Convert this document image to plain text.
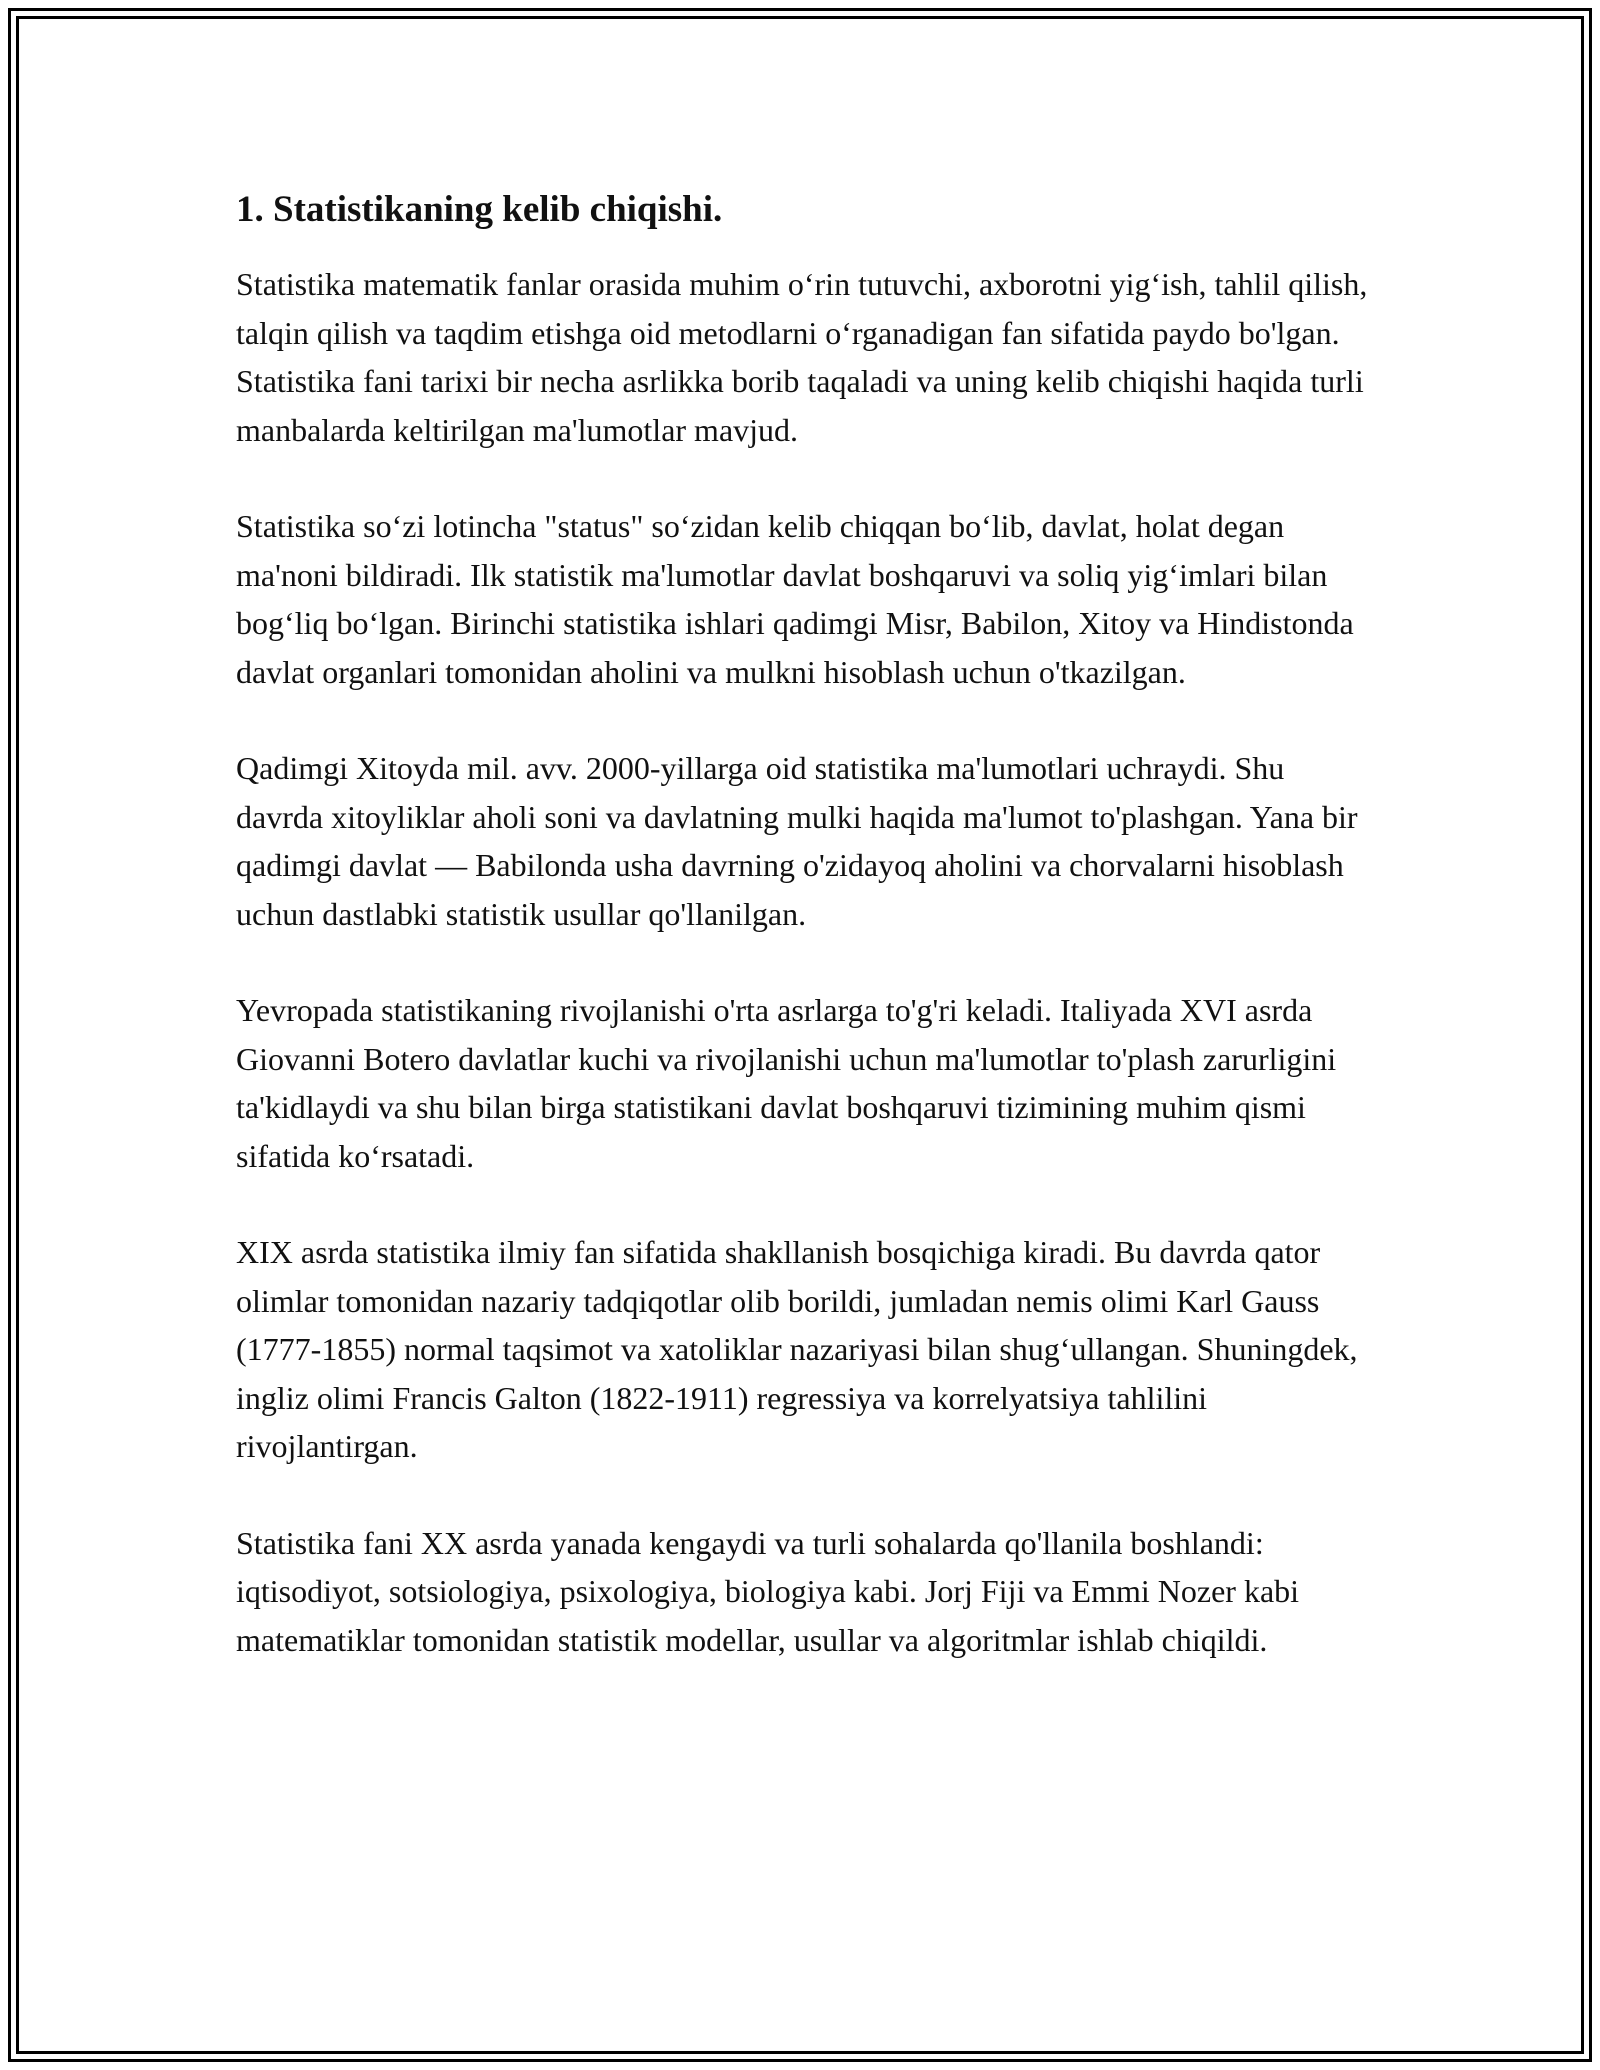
1. Statistikaning kelib chiqishi.

Statistika matematik fanlar orasida muhim o‘rin tutuvchi, axborotni yig‘ish, tahlil qilish, talqin qilish va taqdim etishga oid metodlarni o‘rganadigan fan sifatida paydo bo'lgan. Statistika fani tarixi bir necha asrlikka borib taqaladi va uning kelib chiqishi haqida turli manbalarda keltirilgan ma'lumotlar mavjud.

Statistika so‘zi lotincha "status" so‘zidan kelib chiqqan bo‘lib, davlat, holat degan ma'noni bildiradi. Ilk statistik ma'lumotlar davlat boshqaruvi va soliq yig‘imlari bilan bog‘liq bo‘lgan. Birinchi statistika ishlari qadimgi Misr, Babilon, Xitoy va Hindistonda davlat organlari tomonidan aholini va mulkni hisoblash uchun o'tkazilgan.

Qadimgi Xitoyda mil. avv. 2000-yillarga oid statistika ma'lumotlari uchraydi. Shu davrda xitoyliklar aholi soni va davlatning mulki haqida ma'lumot to'plashgan. Yana bir qadimgi davlat — Babilonda usha davrning o'zidayoq aholini va chorvalarni hisoblash uchun dastlabki statistik usullar qo'llanilgan.

Yevropada statistikaning rivojlanishi o'rta asrlarga to'g'ri keladi. Italiyada XVI asrda Giovanni Botero davlatlar kuchi va rivojlanishi uchun ma'lumotlar to'plash zarurligini ta'kidlaydi va shu bilan birga statistikani davlat boshqaruvi tizimining muhim qismi sifatida ko‘rsatadi.

XIX asrda statistika ilmiy fan sifatida shakllanish bosqichiga kiradi. Bu davrda qator olimlar tomonidan nazariy tadqiqotlar olib borildi, jumladan nemis olimi Karl Gauss (1777-1855) normal taqsimot va xatoliklar nazariyasi bilan shug‘ullangan. Shuningdek, ingliz olimi Francis Galton (1822-1911) regressiya va korrelyatsiya tahlilini rivojlantirgan.

Statistika fani XX asrda yanada kengaydi va turli sohalarda qo'llanila boshlandi: iqtisodiyot, sotsiologiya, psixologiya, biologiya kabi. Jorj Fiji va Emmi Nozer kabi matematiklar tomonidan statistik modellar, usullar va algoritmlar ishlab chiqildi.
